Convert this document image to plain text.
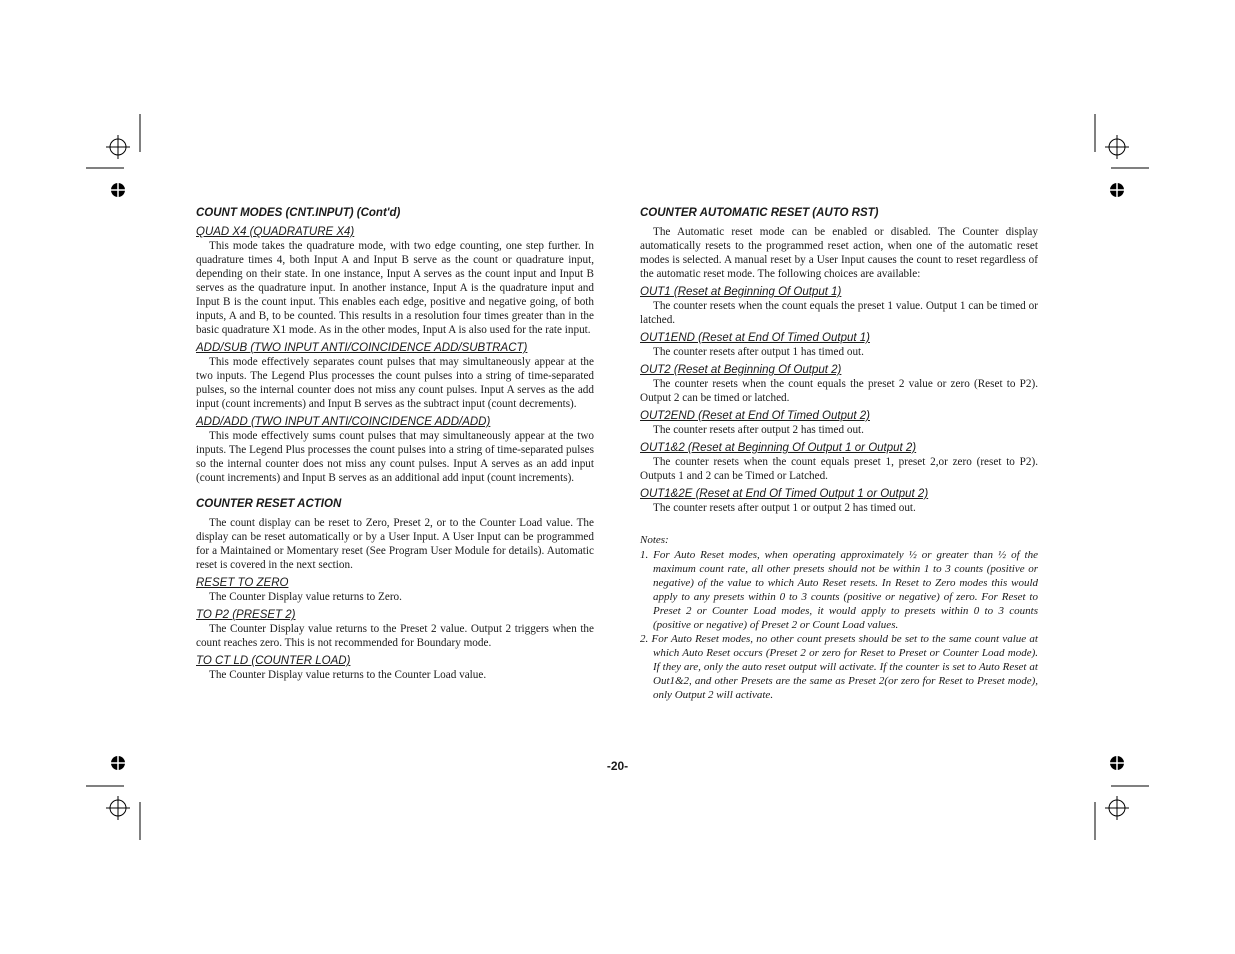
COUNT MODES (CNT.INPUT) (Cont'd)
QUAD X4 (QUADRATURE X4)

This mode takes the quadrature mode, with two edge counting, one step further. In quadrature times 4, both Input A and Input B serve as the count or quadrature input, depending on their state. In one instance, Input A serves as the count input and Input B serves as the quadrature input. In another instance, Input A is the quadrature input and Input B is the count input. This enables each edge, positive and negative going, of both inputs, A and B, to be counted. This results in a resolution four times greater than in the basic quadrature X1 mode. As in the other modes, Input A is also used for the rate input.

ADD/SUB (TWO INPUT ANTI/COINCIDENCE ADD/SUBTRACT)

This mode effectively separates count pulses that may simultaneously appear at the two inputs. The Legend Plus processes the count pulses into a string of time-separated pulses, so the internal counter does not miss any count pulses. Input A serves as the add input (count increments) and Input B serves as the subtract input (count decrements).

ADD/ADD (TWO INPUT ANTI/COINCIDENCE ADD/ADD)

This mode effectively sums count pulses that may simultaneously appear at the two inputs. The Legend Plus processes the count pulses into a string of time-separated pulses so the internal counter does not miss any count pulses. Input A serves as an add input (count increments) and Input B serves as an additional add input (count increments).

COUNTER RESET ACTION

The count display can be reset to Zero, Preset 2, or to the Counter Load value. The display can be reset automatically or by a User Input. A User Input can be programmed for a Maintained or Momentary reset (See Program User Module for details). Automatic reset is covered in the next section.

RESET TO ZERO

The Counter Display value returns to Zero.

TO P2 (PRESET 2)

The Counter Display value returns to the Preset 2 value. Output 2 triggers when the count reaches zero. This is not recommended for Boundary mode.

TO CT LD (COUNTER LOAD)

The Counter Display value returns to the Counter Load value.

COUNTER AUTOMATIC RESET (AUTO RST)

The Automatic reset mode can be enabled or disabled. The Counter display automatically resets to the programmed reset action, when one of the automatic reset modes is selected. A manual reset by a User Input causes the count to reset regardless of the automatic reset mode. The following choices are available:

OUT1 (Reset at Beginning Of Output 1)

The counter resets when the count equals the preset 1 value. Output 1 can be timed or latched.

OUT1END (Reset at End Of Timed Output 1)

The counter resets after output 1 has timed out.

OUT2 (Reset at Beginning Of Output 2)

The counter resets when the count equals the preset 2 value or zero (Reset to P2). Output 2 can be timed or latched.

OUT2END (Reset at End Of Timed Output 2)

The counter resets after output 2 has timed out.

OUT1&2 (Reset at Beginning Of Output 1 or Output 2)

The counter resets when the count equals preset 1, preset 2,or zero (reset to P2). Outputs 1 and 2 can be Timed or Latched.

OUT1&2E (Reset at End Of Timed Output 1 or Output 2)

The counter resets after output 1 or output 2 has timed out.

Notes:
1. For Auto Reset modes, when operating approximately ½ or greater than ½ of the maximum count rate, all other presets should not be within 1 to 3 counts (positive or negative) of the value to which Auto Reset resets. In Reset to Zero modes this would apply to any presets within 0 to 3 counts (positive or negative) of zero. For Reset to Preset 2 or Counter Load modes, it would apply to presets within 0 to 3 counts (positive or negative) of Preset 2 or Count Load values.
2. For Auto Reset modes, no other count presets should be set to the same count value at which Auto Reset occurs (Preset 2 or zero for Reset to Preset or Counter Load mode). If they are, only the auto reset output will activate. If the counter is set to Auto Reset at Out1&2, and other Presets are the same as Preset 2(or zero for Reset to Preset mode), only Output 2 will activate.
-20-
